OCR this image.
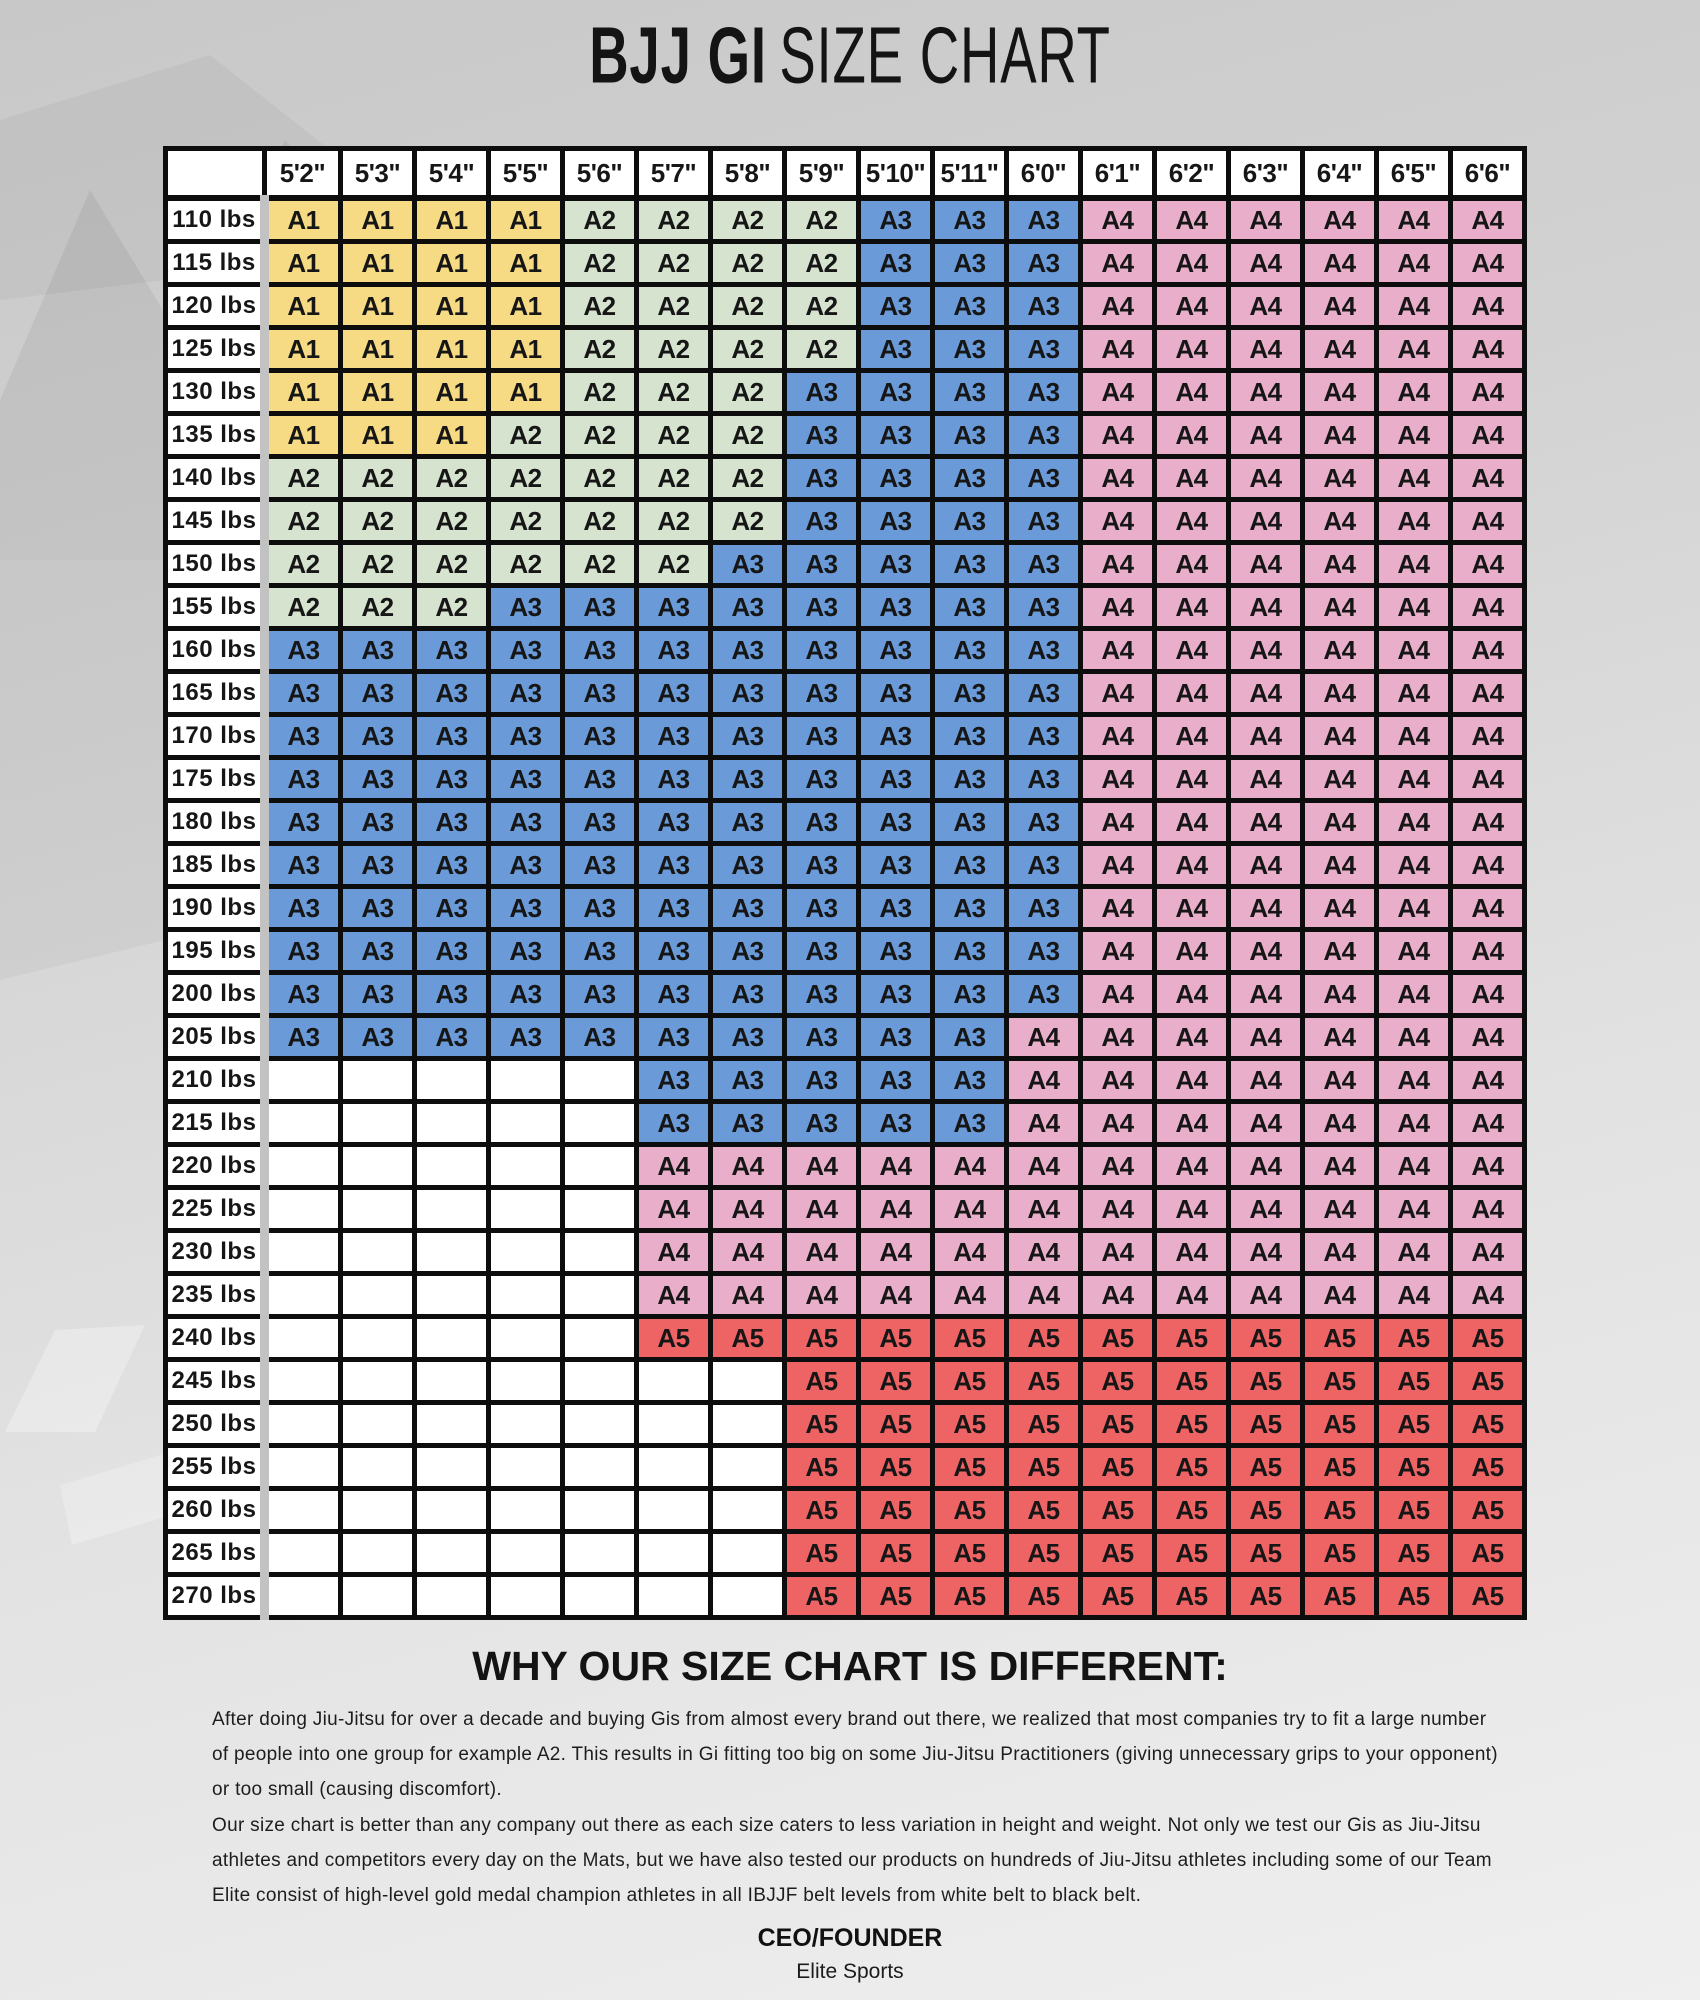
BJJ GI SIZE CHART
	5'2"	5'3"	5'4"	5'5"	5'6"	5'7"	5'8"	5'9"	5'10"	5'11"	6'0"	6'1"	6'2"	6'3"	6'4"	6'5"	6'6"
110 lbs	A1	A1	A1	A1	A2	A2	A2	A2	A3	A3	A3	A4	A4	A4	A4	A4	A4
115 lbs	A1	A1	A1	A1	A2	A2	A2	A2	A3	A3	A3	A4	A4	A4	A4	A4	A4
120 lbs	A1	A1	A1	A1	A2	A2	A2	A2	A3	A3	A3	A4	A4	A4	A4	A4	A4
125 lbs	A1	A1	A1	A1	A2	A2	A2	A2	A3	A3	A3	A4	A4	A4	A4	A4	A4
130 lbs	A1	A1	A1	A1	A2	A2	A2	A3	A3	A3	A3	A4	A4	A4	A4	A4	A4
135 lbs	A1	A1	A1	A2	A2	A2	A2	A3	A3	A3	A3	A4	A4	A4	A4	A4	A4
140 lbs	A2	A2	A2	A2	A2	A2	A2	A3	A3	A3	A3	A4	A4	A4	A4	A4	A4
145 lbs	A2	A2	A2	A2	A2	A2	A2	A3	A3	A3	A3	A4	A4	A4	A4	A4	A4
150 lbs	A2	A2	A2	A2	A2	A2	A3	A3	A3	A3	A3	A4	A4	A4	A4	A4	A4
155 lbs	A2	A2	A2	A3	A3	A3	A3	A3	A3	A3	A3	A4	A4	A4	A4	A4	A4
160 lbs	A3	A3	A3	A3	A3	A3	A3	A3	A3	A3	A3	A4	A4	A4	A4	A4	A4
165 lbs	A3	A3	A3	A3	A3	A3	A3	A3	A3	A3	A3	A4	A4	A4	A4	A4	A4
170 lbs	A3	A3	A3	A3	A3	A3	A3	A3	A3	A3	A3	A4	A4	A4	A4	A4	A4
175 lbs	A3	A3	A3	A3	A3	A3	A3	A3	A3	A3	A3	A4	A4	A4	A4	A4	A4
180 lbs	A3	A3	A3	A3	A3	A3	A3	A3	A3	A3	A3	A4	A4	A4	A4	A4	A4
185 lbs	A3	A3	A3	A3	A3	A3	A3	A3	A3	A3	A3	A4	A4	A4	A4	A4	A4
190 lbs	A3	A3	A3	A3	A3	A3	A3	A3	A3	A3	A3	A4	A4	A4	A4	A4	A4
195 lbs	A3	A3	A3	A3	A3	A3	A3	A3	A3	A3	A3	A4	A4	A4	A4	A4	A4
200 lbs	A3	A3	A3	A3	A3	A3	A3	A3	A3	A3	A3	A4	A4	A4	A4	A4	A4
205 lbs	A3	A3	A3	A3	A3	A3	A3	A3	A3	A3	A4	A4	A4	A4	A4	A4	A4
210 lbs						A3	A3	A3	A3	A3	A4	A4	A4	A4	A4	A4	A4
215 lbs						A3	A3	A3	A3	A3	A4	A4	A4	A4	A4	A4	A4
220 lbs						A4	A4	A4	A4	A4	A4	A4	A4	A4	A4	A4	A4
225 lbs						A4	A4	A4	A4	A4	A4	A4	A4	A4	A4	A4	A4
230 lbs						A4	A4	A4	A4	A4	A4	A4	A4	A4	A4	A4	A4
235 lbs						A4	A4	A4	A4	A4	A4	A4	A4	A4	A4	A4	A4
240 lbs						A5	A5	A5	A5	A5	A5	A5	A5	A5	A5	A5	A5
245 lbs								A5	A5	A5	A5	A5	A5	A5	A5	A5	A5
250 lbs								A5	A5	A5	A5	A5	A5	A5	A5	A5	A5
255 lbs								A5	A5	A5	A5	A5	A5	A5	A5	A5	A5
260 lbs								A5	A5	A5	A5	A5	A5	A5	A5	A5	A5
265 lbs								A5	A5	A5	A5	A5	A5	A5	A5	A5	A5
270 lbs								A5	A5	A5	A5	A5	A5	A5	A5	A5	A5
WHY OUR SIZE CHART IS DIFFERENT:

After doing Jiu-Jitsu for over a decade and buying Gis from almost every brand out there, we realized that most companies try to fit a large number of people into one group for example A2. This results in Gi fitting too big on some Jiu-Jitsu Practitioners (giving unnecessary grips to your opponent) or too small (causing discomfort).

Our size chart is better than any company out there as each size caters to less variation in height and weight. Not only we test our Gis as Jiu-Jitsu athletes and competitors every day on the Mats, but we have also tested our products on hundreds of Jiu-Jitsu athletes including some of our Team Elite consist of high-level gold medal champion athletes in all IBJJF belt levels from white belt to black belt.

CEO/FOUNDER
Elite Sports
